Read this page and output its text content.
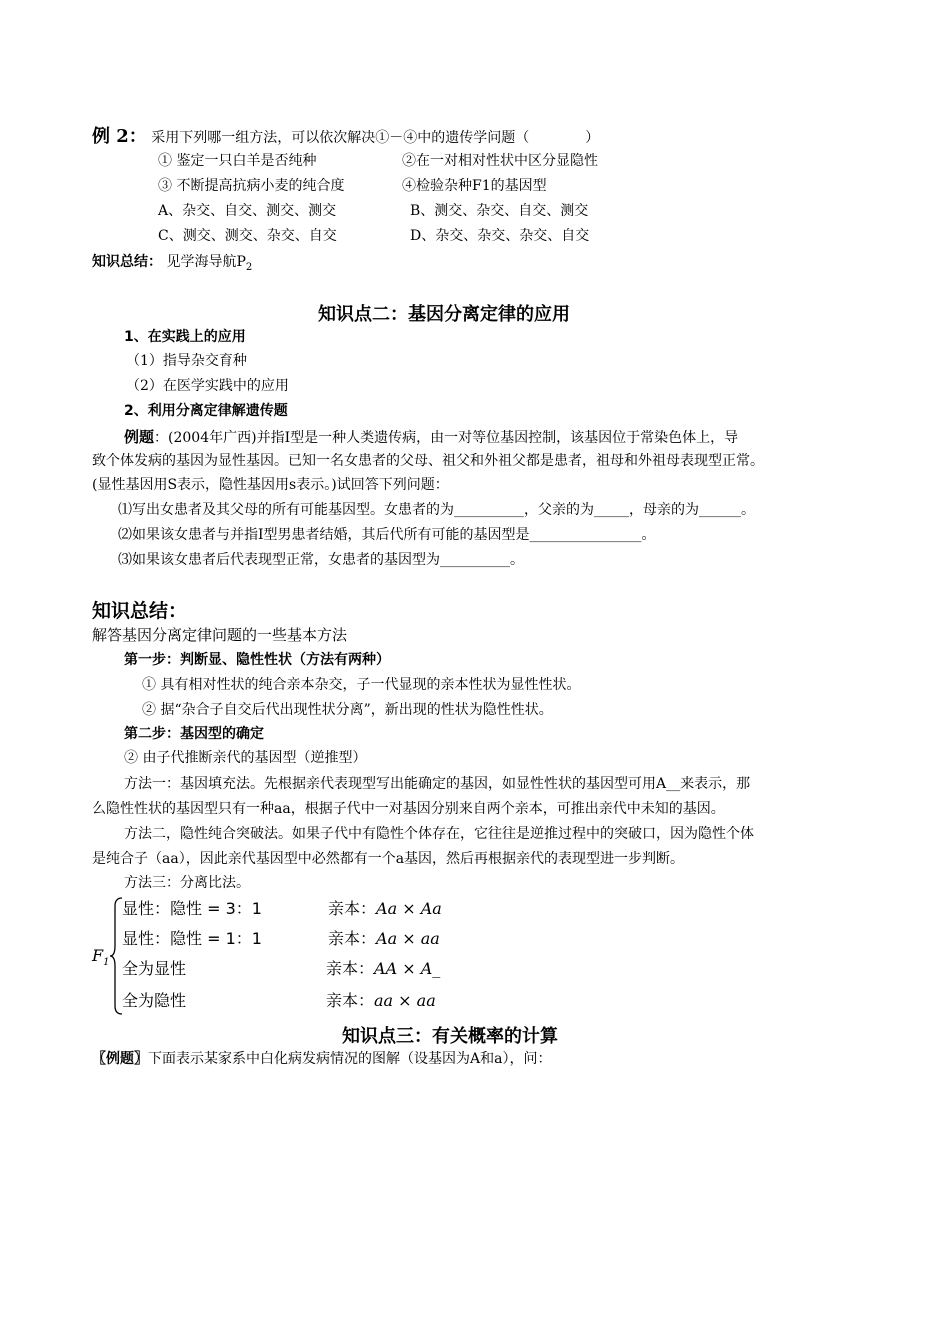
例 2： 采用下列哪一组方法，可以依次解决①－④中的遗传学问题（　　　　）
① 鉴定一只白羊是否纯种	②在一对相对性状中区分显隐性
③ 不断提高抗病小麦的纯合度	④检验杂种F1的基因型
A、杂交、自交、测交、测交	B、测交、杂交、自交、测交
C、测交、测交、杂交、自交	D、杂交、杂交、杂交、自交
知识总结： 见学海导航$P_2$
知识点二：基因分离定律的应用
1、在实践上的应用
（1）指导杂交育种
（2）在医学实践中的应用
2、利用分离定律解遗传题
例题：(2004年广西)并指Ⅰ型是一种人类遗传病，由一对等位基因控制，该基因位于常染色体上，导
致个体发病的基因为显性基因。已知一名女患者的父母、祖父和外祖父都是患者，祖母和外祖母表现型正常。
(显性基因用S表示，隐性基因用s表示。)试回答下列问题：
⑴写出女患者及其父母的所有可能基因型。女患者的为__________，父亲的为_____，母亲的为______。
⑵如果该女患者与并指Ⅰ型男患者结婚，其后代所有可能的基因型是________________。
⑶如果该女患者后代表现型正常，女患者的基因型为__________。
知识总结：
解答基因分离定律问题的一些基本方法
第一步：判断显、隐性性状（方法有两种）
① 具有相对性状的纯合亲本杂交，子一代显现的亲本性状为显性性状。
② 据“杂合子自交后代出现性状分离”，新出现的性状为隐性性状。
第二步：基因型的确定
② 由子代推断亲代的基因型（逆推型）
方法一：基因填充法。先根据亲代表现型写出能确定的基因，如显性性状的基因型可用A__来表示，那
么隐性性状的基因型只有一种aa，根据子代中一对基因分别来自两个亲本，可推出亲代中未知的基因。
方法二，隐性纯合突破法。如果子代中有隐性个体存在，它往往是逆推过程中的突破口，因为隐性个体
是纯合子（aa），因此亲代基因型中必然都有一个a基因，然后再根据亲代的表现型进一步判断。
方法三：分离比法。
$F_1$
显性：隐性 = 3：1	亲本：Aa × Aa
显性：隐性 = 1：1	亲本：Aa × aa
全为显性	亲本：AA × A_
全为隐性	亲本：aa × aa
知识点三：有关概率的计算
〖例题〗下面表示某家系中白化病发病情况的图解（设基因为A和a），问：
